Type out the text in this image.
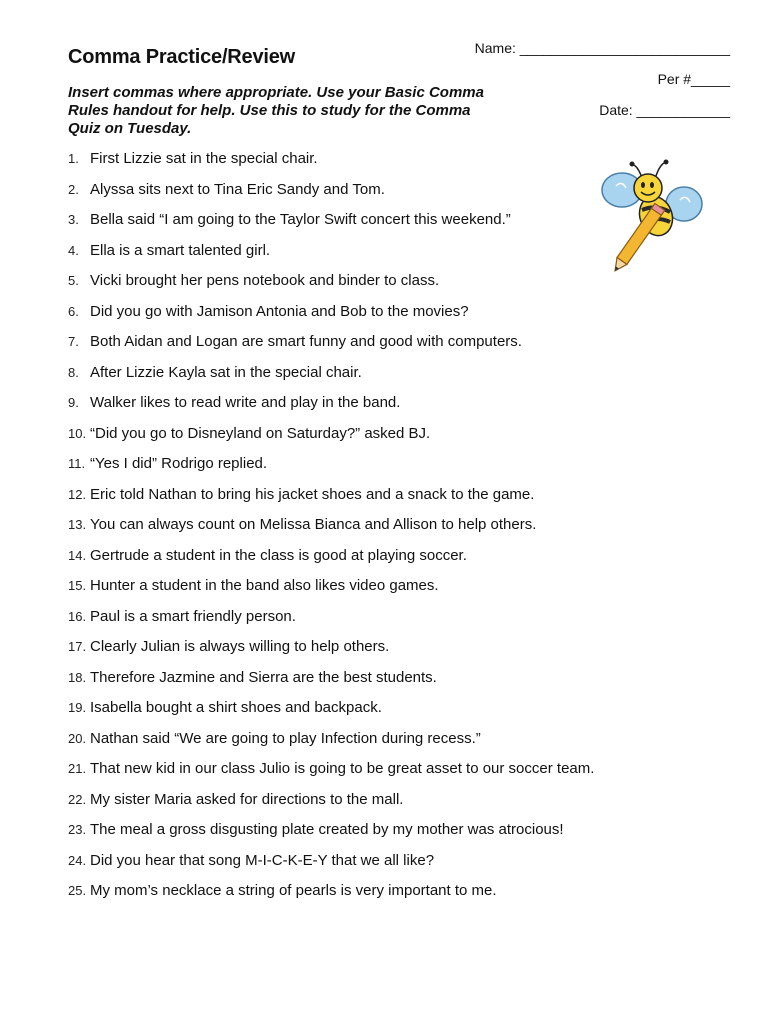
Comma Practice/Review

Insert commas where appropriate. Use your Basic Comma Rules handout for help. Use this to study for the Comma Quiz on Tuesday.

Name: ___________________________
Per #_____
Date: ____________
1. First Lizzie sat in the special chair.
2. Alyssa sits next to Tina Eric Sandy and Tom.
3. Bella said “I am going to the Taylor Swift concert this weekend.”
4. Ella is a smart talented girl.
5. Vicki brought her pens notebook and binder to class.
6. Did you go with Jamison Antonia and Bob to the movies?
7. Both Aidan and Logan are smart funny and good with computers.
8. After Lizzie Kayla sat in the special chair.
9. Walker likes to read write and play in the band.
10. “Did you go to Disneyland on Saturday?” asked BJ.
11. “Yes I did” Rodrigo replied.
12. Eric told Nathan to bring his jacket shoes and a snack to the game.
13. You can always count on Melissa Bianca and Allison to help others.
14. Gertrude a student in the class is good at playing soccer.
15. Hunter a student in the band also likes video games.
16. Paul is a smart friendly person.
17. Clearly Julian is always willing to help others.
18. Therefore Jazmine and Sierra are the best students.
19. Isabella bought a shirt shoes and backpack.
20. Nathan said “We are going to play Infection during recess.”
21. That new kid in our class Julio is going to be great asset to our soccer team.
22. My sister Maria asked for directions to the mall.
23. The meal a gross disgusting plate created by my mother was atrocious!
24. Did you hear that song M-I-C-K-E-Y that we all like?
25. My mom’s necklace a string of pearls is very important to me.
